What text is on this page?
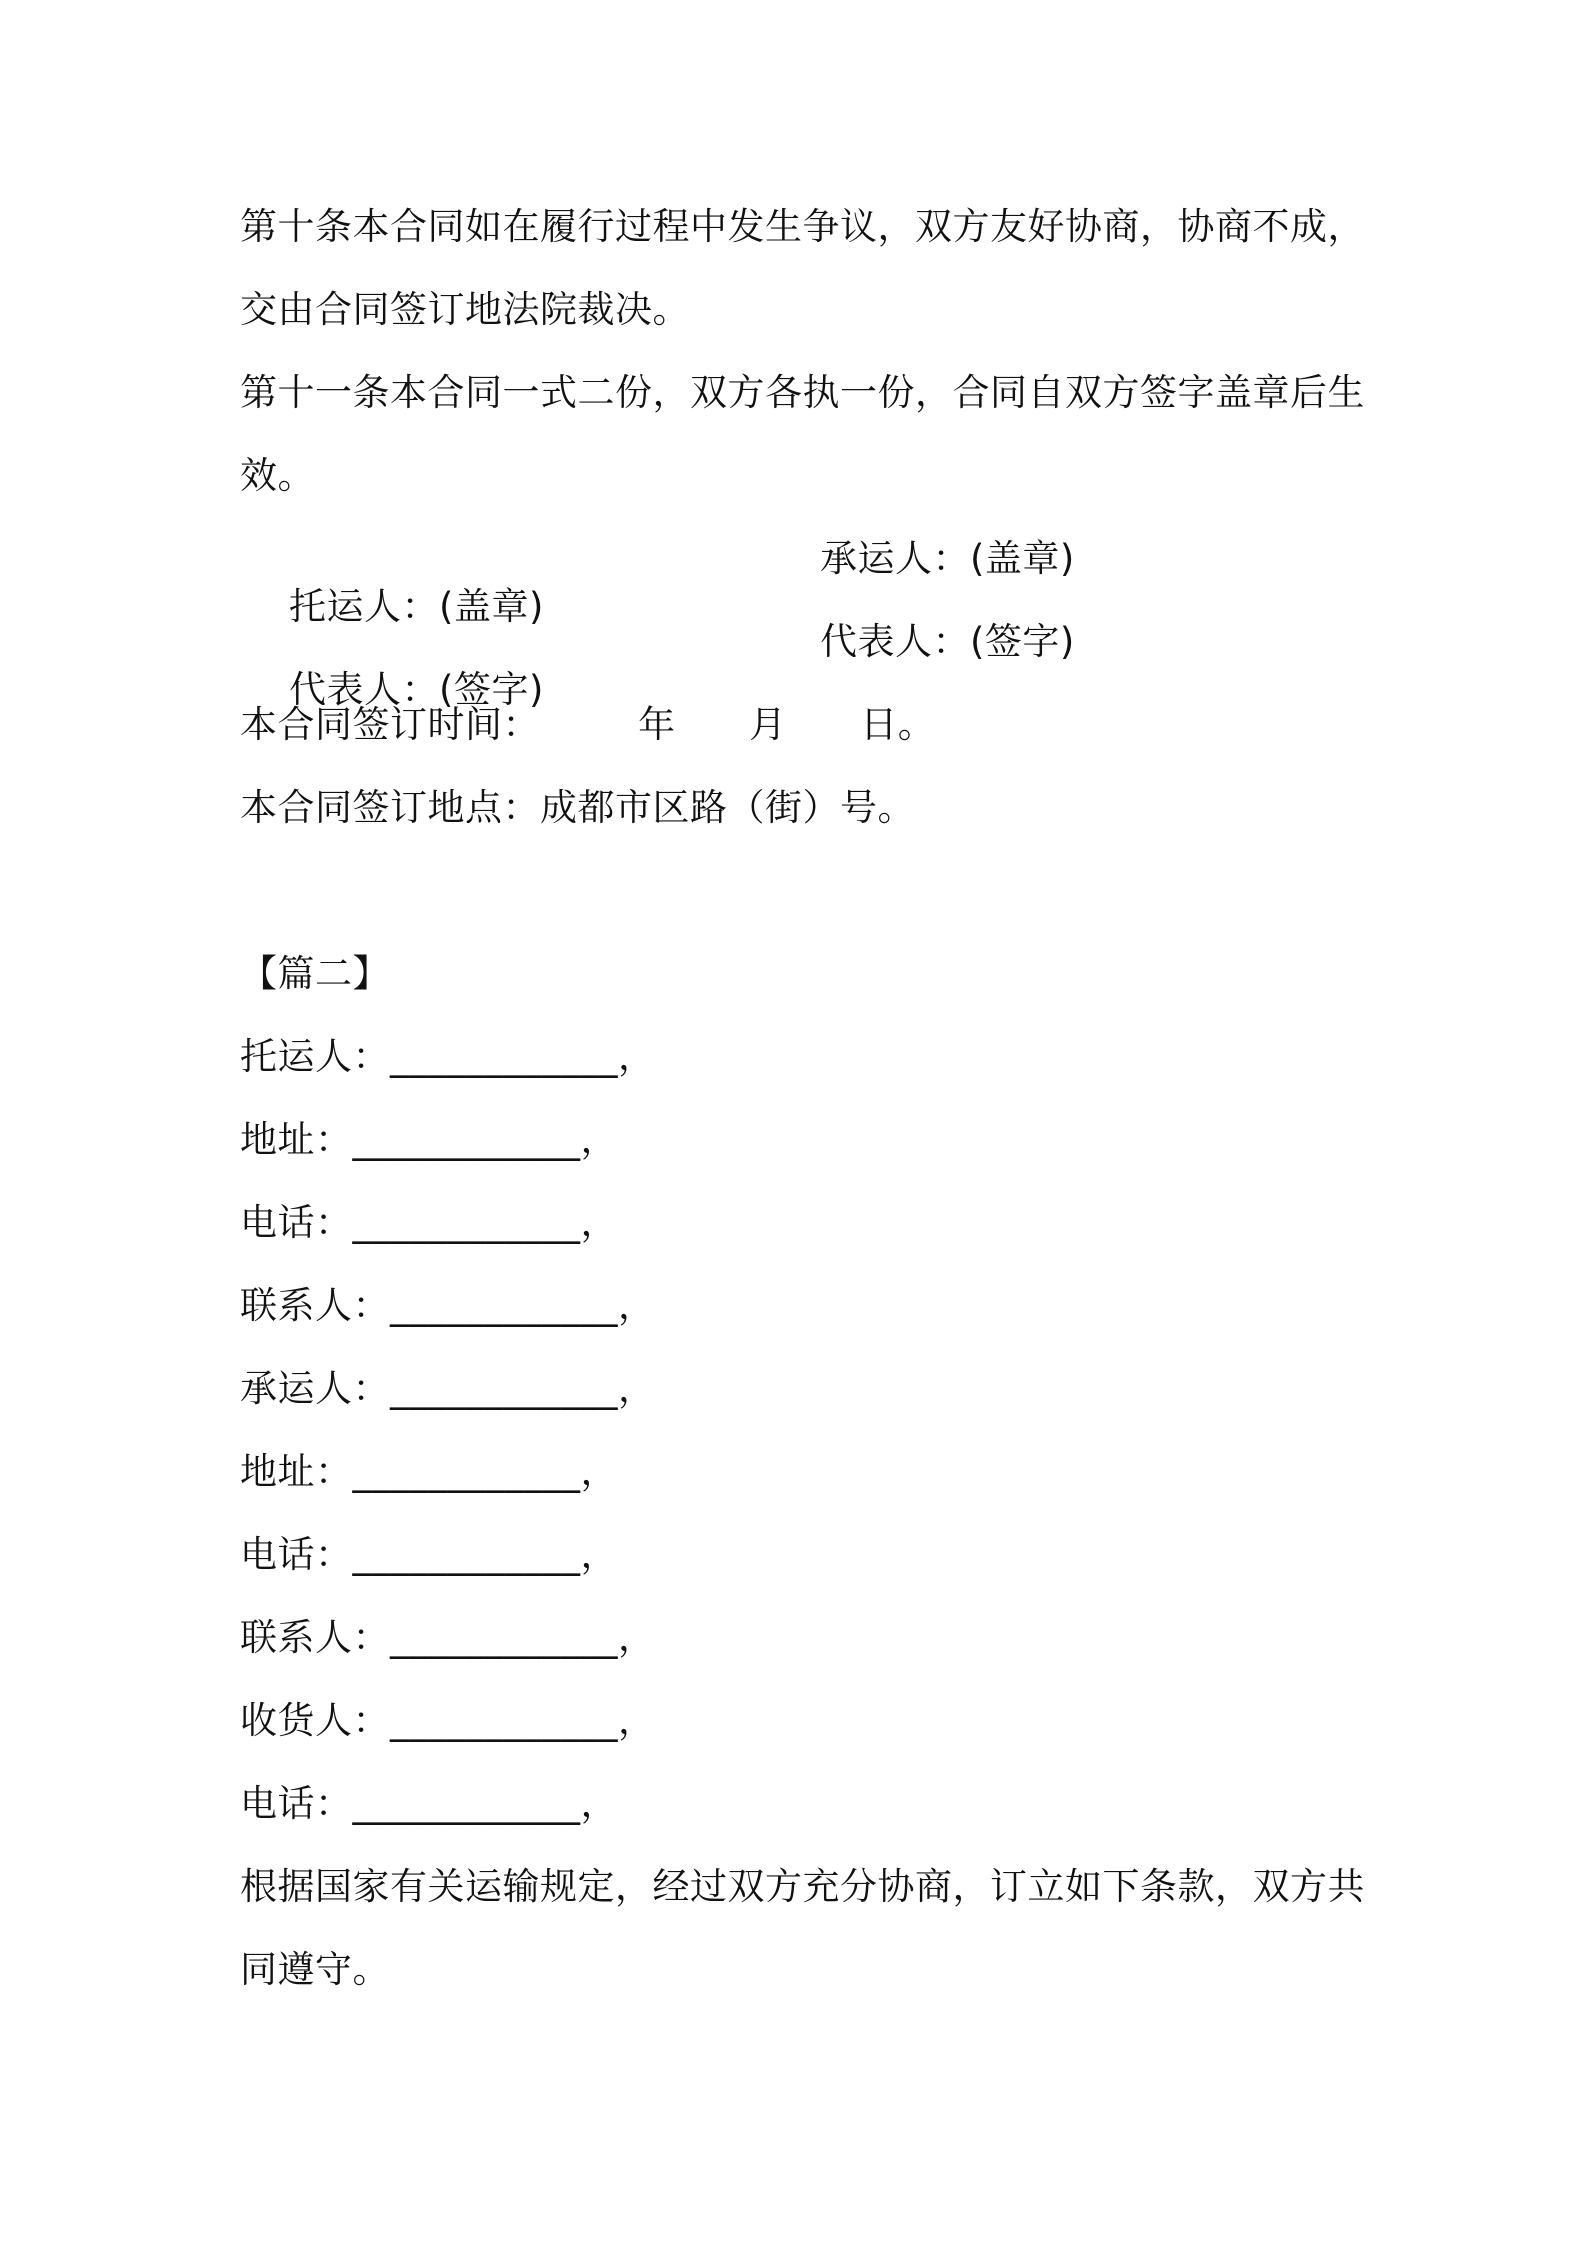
第十条本合同如在履行过程中发生争议，双方友好协商，协商不成，
交由合同签订地法院裁决。
第十一条本合同一式二份，双方各执一份，合同自双方签字盖章后生
效。

托运人：(盖章)

承运人：(盖章)

代表人：(签字)

代表人：(签字)

本合同签订时间：        年      月      日。
本合同签订地点：成都市区路（街）号。
【篇二】
托运人：____________，
地址：____________，
电话：____________，
联系人：____________，
承运人：____________，
地址：____________，
电话：____________，
联系人：____________，
收货人：____________，
电话：____________，
根据国家有关运输规定，经过双方充分协商，订立如下条款，双方共
同遵守。
